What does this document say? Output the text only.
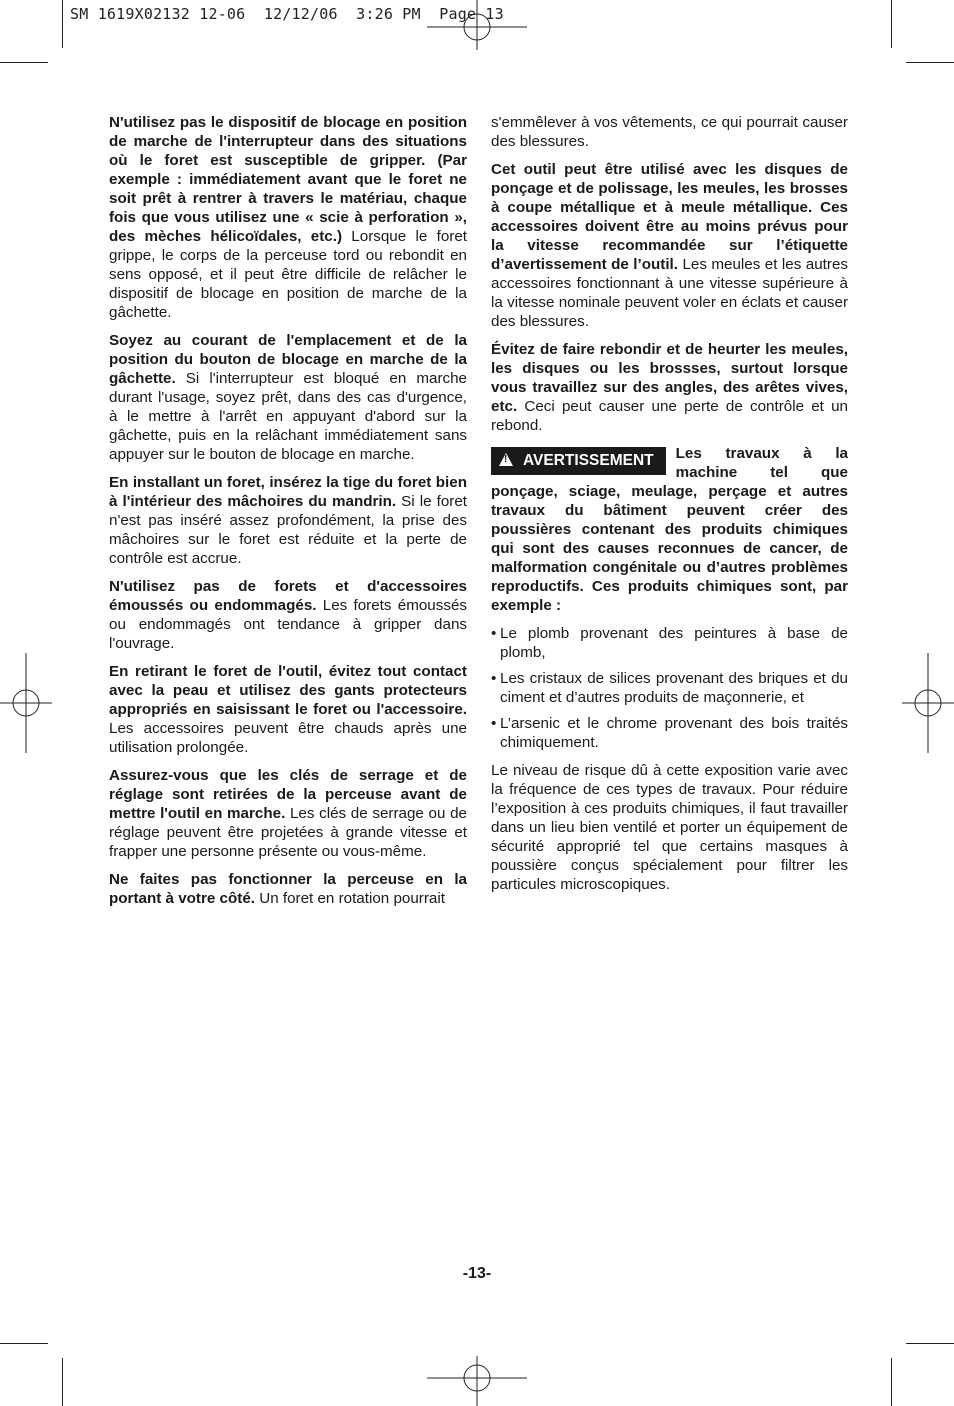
SM 1619X02132 12-06  12/12/06  3:26 PM  Page 13

N'utilisez pas le dispositif de blocage en position de marche de l'interrupteur dans des situations où le foret est susceptible de gripper. (Par exemple : immédiatement avant que le foret ne soit prêt à rentrer à travers le matériau, chaque fois que vous utilisez une « scie à perforation », des mèches hélicoïdales, etc.) Lorsque le foret grippe, le corps de la perceuse tord ou rebondit en sens opposé, et il peut être difficile de relâcher le dispositif de blocage en position de marche de la gâchette.

Soyez au courant de l'emplacement et de la position du bouton de blocage en marche de la gâchette. Si l'interrupteur est bloqué en marche durant l'usage, soyez prêt, dans des cas d'urgence, à le mettre à l'arrêt en appuyant d'abord sur la gâchette, puis en la relâchant immédiatement sans appuyer sur le bouton de blocage en marche.

En installant un foret, insérez la tige du foret bien à l'intérieur des mâchoires du mandrin. Si le foret n'est pas inséré assez profondément, la prise des mâchoires sur le foret est réduite et la perte de contrôle est accrue.

N'utilisez pas de forets et d'accessoires émoussés ou endommagés. Les forets émoussés ou endommagés ont tendance à gripper dans l'ouvrage.

En retirant le foret de l'outil, évitez tout contact avec la peau et utilisez des gants protecteurs appropriés en saisissant le foret ou l'accessoire. Les accessoires peuvent être chauds après une utilisation prolongée.

Assurez-vous que les clés de serrage et de réglage sont retirées de la perceuse avant de mettre l'outil en marche. Les clés de serrage ou de réglage peuvent être projetées à grande vitesse et frapper une personne présente ou vous-même.

Ne faites pas fonctionner la perceuse en la portant à votre côté. Un foret en rotation pourrait

s'emmêlever à vos vêtements, ce qui pourrait causer des blessures.

Cet outil peut être utilisé avec les disques de ponçage et de polissage, les meules, les brosses à coupe métallique et à meule métallique. Ces accessoires doivent être au moins prévus pour la vitesse recommandée sur l’étiquette d’avertissement de l’outil. Les meules et les autres accessoires fonctionnant à une vitesse supérieure à la vitesse nominale peuvent voler en éclats et causer des blessures.

Évitez de faire rebondir et de heurter les meules, les disques ou les brossses, surtout lorsque vous travaillez sur des angles, des arêtes vives, etc. Ceci peut causer une perte de contrôle et un rebond.

!AVERTISSEMENT	Les travaux à la machine tel que ponçage, sciage, meulage, perçage et autres travaux du bâtiment peuvent créer des poussières contenant des produits chimiques qui sont des causes reconnues de cancer, de malformation congénitale ou d’autres problèmes reproductifs. Ces produits chimiques sont, par exemple :

• Le plomb provenant des peintures à base de plomb,
• Les cristaux de silices provenant des briques et du ciment et d’autres produits de maçonnerie, et
• L’arsenic et le chrome provenant des bois traités chimiquement.

Le niveau de risque dû à cette exposition varie avec la fréquence de ces types de travaux. Pour réduire l’exposition à ces produits chimiques, il faut travailler dans un lieu bien ventilé et porter un équipement de sécurité approprié tel que certains masques à poussière conçus spécialement pour filtrer les particules microscopiques.

-13-
